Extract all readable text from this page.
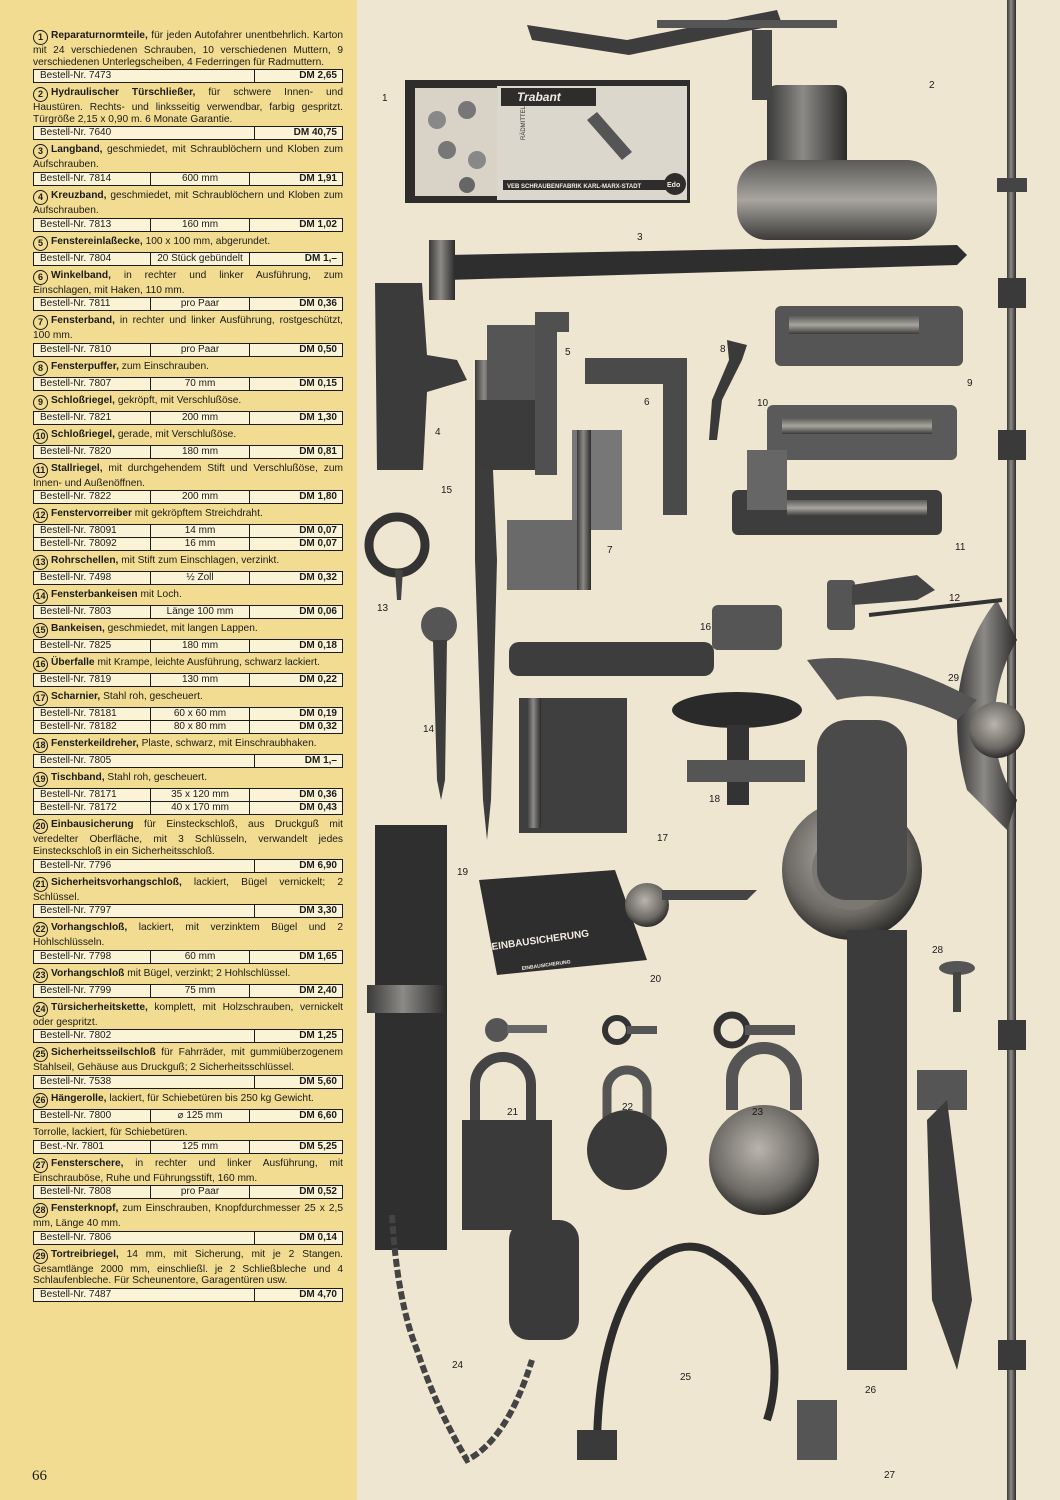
1 Reparaturnormteile, für jeden Autofahrer unentbehrlich. Karton mit 24 verschiedenen Schrauben, 10 verschiedenen Muttern, 9 verschiedenen Unterlegscheiben, 4 Federringen für Radmuttern.
Bestell-Nr. 7473	DM 2,65
2 Hydraulischer Türschließer, für schwere Innen- und Haustüren. Rechts- und linksseitig verwendbar, farbig gespritzt. Türgröße 2,15 x 0,90 m. 6 Monate Garantie.
Bestell-Nr. 7640	DM 40,75
3 Langband, geschmiedet, mit Schraublöchern und Kloben zum Aufschrauben.
Bestell-Nr. 7814	600 mm	DM 1,91
4 Kreuzband, geschmiedet, mit Schraublöchern und Kloben zum Aufschrauben.
Bestell-Nr. 7813	160 mm	DM 1,02
5 Fenstereinlaßecke, 100 x 100 mm, abgerundet.
Bestell-Nr. 7804	20 Stück gebündelt	DM 1,–
6 Winkelband, in rechter und linker Ausführung, zum Einschlagen, mit Haken, 110 mm.
Bestell-Nr. 7811	pro Paar	DM 0,36
7 Fensterband, in rechter und linker Ausführung, rostgeschützt, 100 mm.
Bestell-Nr. 7810	pro Paar	DM 0,50
8 Fensterpuffer, zum Einschrauben.
Bestell-Nr. 7807	70 mm	DM 0,15
9 Schloßriegel, gekröpft, mit Verschlußöse.
Bestell-Nr. 7821	200 mm	DM 1,30
10 Schloßriegel, gerade, mit Verschlußöse.
Bestell-Nr. 7820	180 mm	DM 0,81
11 Stallriegel, mit durchgehendem Stift und Verschlußöse, zum Innen- und Außenöffnen.
Bestell-Nr. 7822	200 mm	DM 1,80
12 Fenstervorreiber mit gekröpftem Streichdraht.
Bestell-Nr. 78091	14 mm	DM 0,07
Bestell-Nr. 78092	16 mm	DM 0,07
13 Rohrschellen, mit Stift zum Einschlagen, verzinkt.
Bestell-Nr. 7498	½ Zoll	DM 0,32
14 Fensterbankeisen mit Loch.
Bestell-Nr. 7803	Länge 100 mm	DM 0,06
15 Bankeisen, geschmiedet, mit langen Lappen.
Bestell-Nr. 7825	180 mm	DM 0,18
16 Überfalle mit Krampe, leichte Ausführung, schwarz lackiert.
Bestell-Nr. 7819	130 mm	DM 0,22
17 Scharnier, Stahl roh, gescheuert.
Bestell-Nr. 78181	60 x 60 mm	DM 0,19
Bestell-Nr. 78182	80 x 80 mm	DM 0,32
18 Fensterkeildreher, Plaste, schwarz, mit Einschraubhaken.
Bestell-Nr. 7805	DM 1,–
19 Tischband, Stahl roh, gescheuert.
Bestell-Nr. 78171	35 x 120 mm	DM 0,36
Bestell-Nr. 78172	40 x 170 mm	DM 0,43
20 Einbausicherung für Einsteckschloß, aus Druckguß mit veredelter Oberfläche, mit 3 Schlüsseln, verwandelt jedes Einsteckschloß in ein Sicherheitsschloß.
Bestell-Nr. 7796	DM 6,90
21 Sicherheitsvorhangschloß, lackiert, Bügel vernickelt; 2 Schlüssel.
Bestell-Nr. 7797	DM 3,30
22 Vorhangschloß, lackiert, mit verzinktem Bügel und 2 Hohlschlüsseln.
Bestell-Nr. 7798	60 mm	DM 1,65
23 Vorhangschloß mit Bügel, verzinkt; 2 Hohlschlüssel.
Bestell-Nr. 7799	75 mm	DM 2,40
24 Türsicherheitskette, komplett, mit Holzschrauben, vernickelt oder gespritzt.
Bestell-Nr. 7802	DM 1,25
25 Sicherheitsseilschloß für Fahrräder, mit gummiüberzogenem Stahlseil, Gehäuse aus Druckguß; 2 Sicherheitsschlüssel.
Bestell-Nr. 7538	DM 5,60
26 Hängerolle, lackiert, für Schiebetüren bis 250 kg Gewicht.
Bestell-Nr. 7800	⌀ 125 mm	DM 6,60
Torrolle, lackiert, für Schiebetüren.
Best.-Nr. 7801	125 mm	DM 5,25
27 Fensterschere, in rechter und linker Ausführung, mit Einschrauböse, Ruhe und Führungsstift, 160 mm.
Bestell-Nr. 7808	pro Paar	DM 0,52
28 Fensterknopf, zum Einschrauben, Knopfdurchmesser 25 x 2,5 mm, Länge 40 mm.
Bestell-Nr. 7806	DM 0,14
29 Tortreibriegel, 14 mm, mit Sicherung, mit je 2 Stangen. Gesamtlänge 2000 mm, einschließl. je 2 Schließbleche und 4 Schlaufenbleche. Für Scheunentore, Garagentüren usw.
Bestell-Nr. 7487	DM 4,70
66
Trabant
RÄDMITTEL
VEB SCHRAUBENFABRIK KARL-MARX-STADT	Edo
EINBAUSICHERUNG
EINBAUSICHERUNG
1
2
3
4
5
6
7
8
9
10
11
12
13
14
15
16
17
18
19
20
21	22	23
24
25
26
27
28
29
